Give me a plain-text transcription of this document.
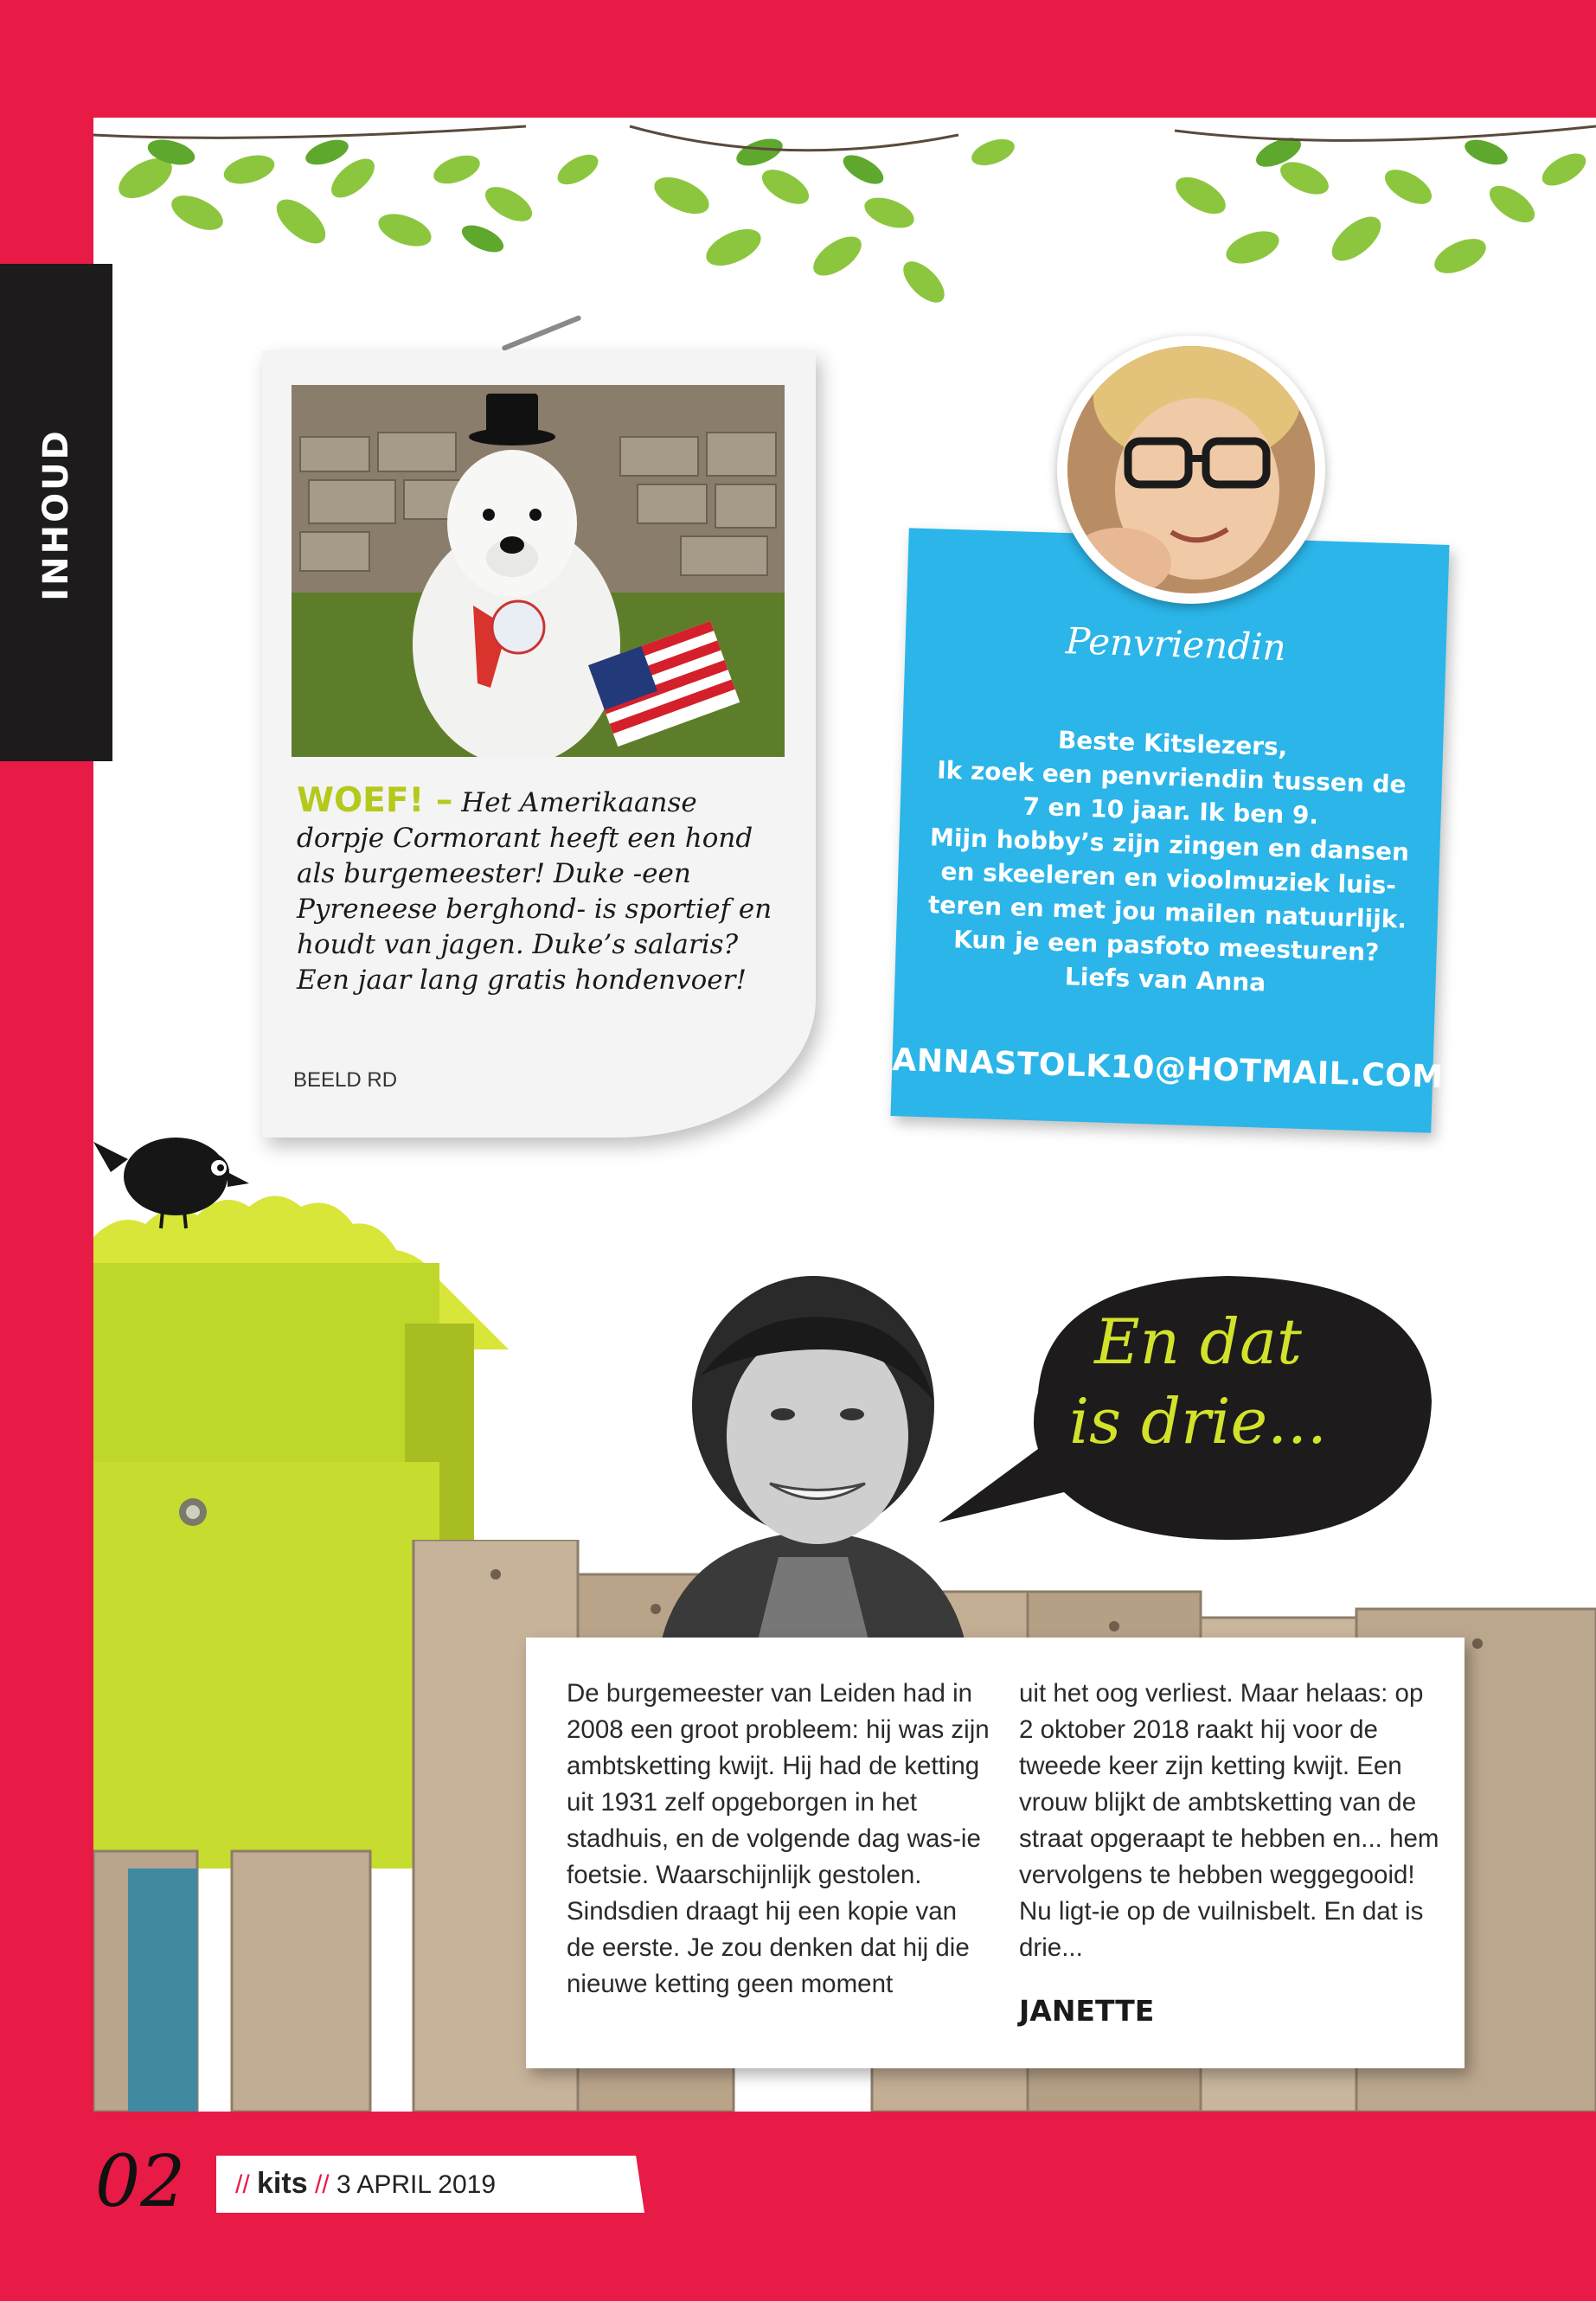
INHOUD
WOEF! – Het Amerikaanse dorpje Cormorant heeft een hond als burgemeester! Duke -een Pyreneese berghond- is sportief en houdt van jagen. Duke’s salaris? Een jaar lang gratis hondenvoer!
BEELD RD
Penvriendin
Beste Kitslezers,
Ik zoek een penvriendin tussen de
7 en 10 jaar. Ik ben 9.
Mijn hobby’s zijn zingen en dansen
en skeeleren en vioolmuziek luis-
teren en met jou mailen natuurlijk.
Kun je een pasfoto meesturen?
Liefs van Anna
ANNASTOLK10@HOTMAIL.COM
En dat
is drie...
De burgemeester van Leiden had in 2008 een groot probleem: hij was zijn ambtsketting kwijt. Hij had de ketting uit 1931 zelf opgeborgen in het stadhuis, en de volgende dag was-ie foetsie. Waarschijnlijk gestolen. Sindsdien draagt hij een kopie van de eerste. Je zou denken dat hij die nieuwe ketting geen moment
uit het oog verliest. Maar helaas: op 2 oktober 2018 raakt hij voor de tweede keer zijn ketting kwijt. Een vrouw blijkt de ambtsketting van de straat opgeraapt te hebben en... hem vervolgens te hebben weggegooid! Nu ligt-ie op de vuilnisbelt. En dat is drie...
JANETTE
02 // kits // 3 APRIL 2019
